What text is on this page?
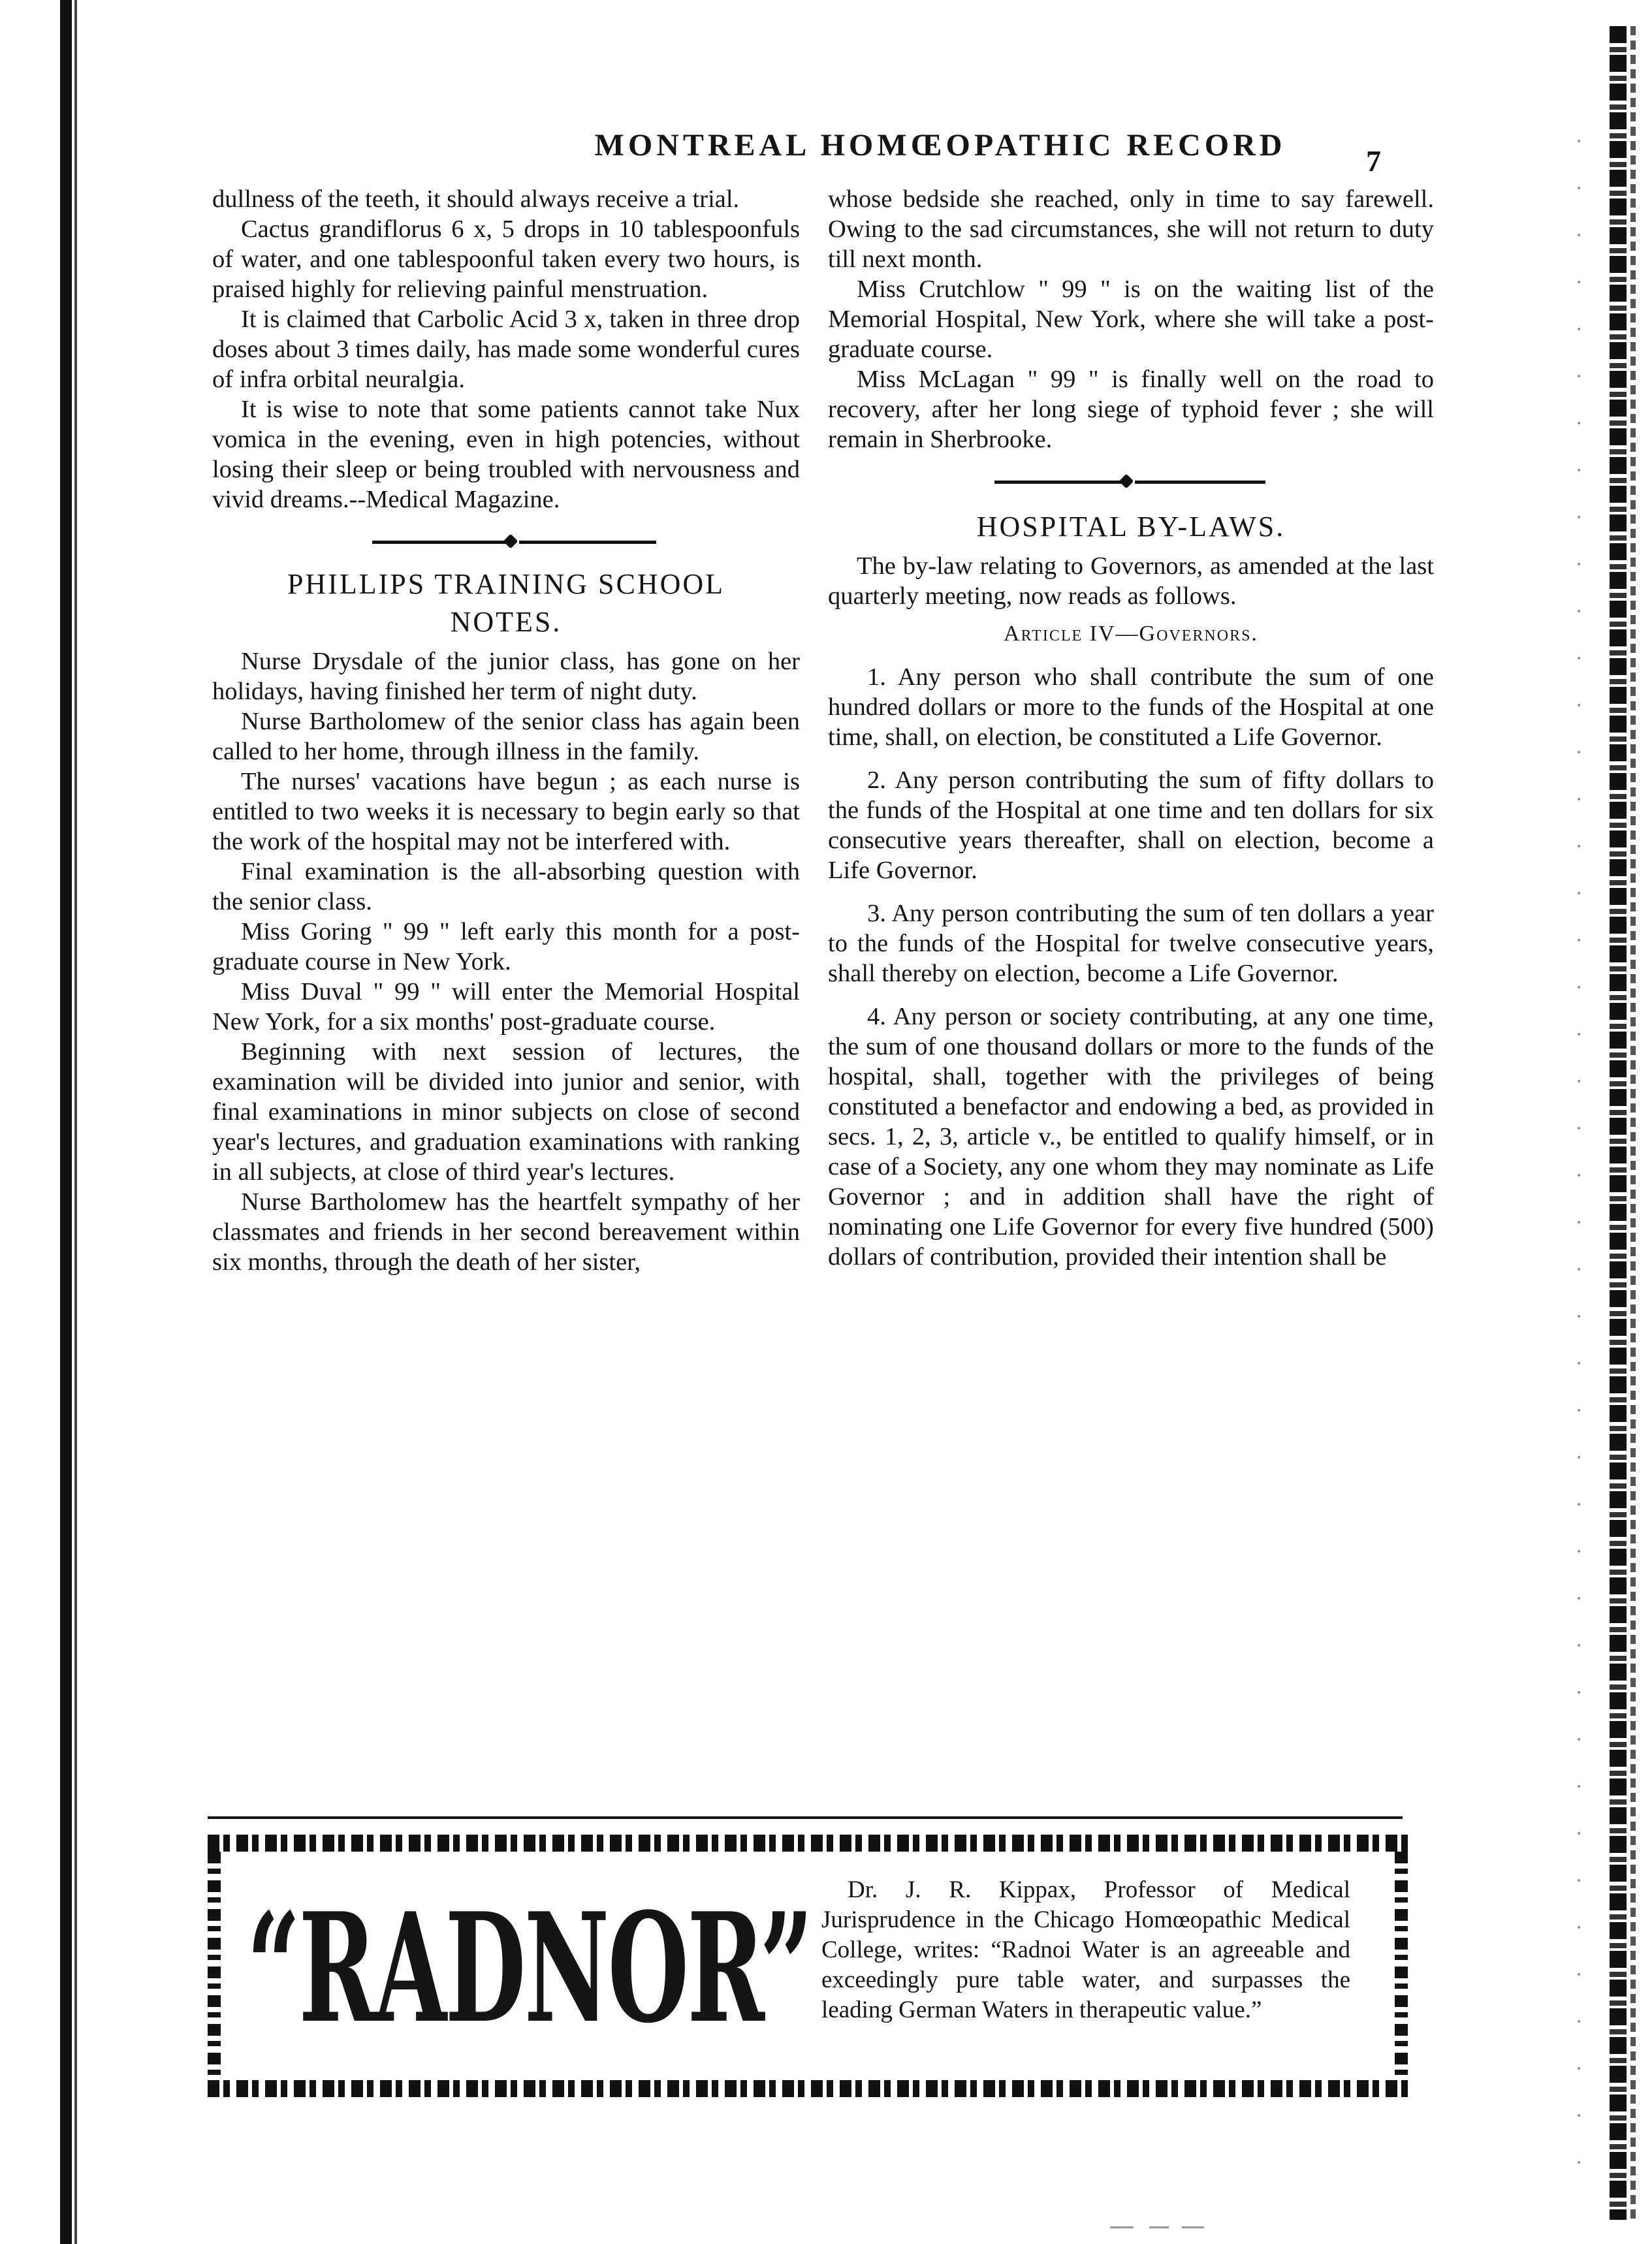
MONTREAL HOMŒOPATHIC RECORD	7

dullness of the teeth, it should always receive a trial.

Cactus grandiflorus 6 x, 5 drops in 10 tablespoonfuls of water, and one tablespoonful taken every two hours, is praised highly for relieving painful menstruation.

It is claimed that Carbolic Acid 3 x, taken in three drop doses about 3 times daily, has made some wonderful cures of infra orbital neuralgia.

It is wise to note that some patients cannot take Nux vomica in the evening, even in high potencies, without losing their sleep or being troubled with nervousness and vivid dreams.--Medical Magazine.

PHILLIPS TRAINING SCHOOL
NOTES.

Nurse Drysdale of the junior class, has gone on her holidays, having finished her term of night duty.

Nurse Bartholomew of the senior class has again been called to her home, through illness in the family.

The nurses' vacations have begun ; as each nurse is entitled to two weeks it is necessary to begin early so that the work of the hospital may not be interfered with.

Final examination is the all-absorbing question with the senior class.

Miss Goring " 99 " left early this month for a post-graduate course in New York.

Miss Duval " 99 " will enter the Memorial Hospital New York, for a six months' post-graduate course.

Beginning with next session of lectures, the examination will be divided into junior and senior, with final examinations in minor subjects on close of second year's lectures, and graduation examinations with ranking in all subjects, at close of third year's lectures.

Nurse Bartholomew has the heartfelt sympathy of her classmates and friends in her second bereavement within six months, through the death of her sister,

whose bedside she reached, only in time to say farewell. Owing to the sad circumstances, she will not return to duty till next month.

Miss Crutchlow " 99 " is on the waiting list of the Memorial Hospital, New York, where she will take a post-graduate course.

Miss McLagan " 99 " is finally well on the road to recovery, after her long siege of typhoid fever ; she will remain in Sherbrooke.

HOSPITAL BY-LAWS.

The by-law relating to Governors, as amended at the last quarterly meeting, now reads as follows.

Article IV—Governors.

1. Any person who shall contribute the sum of one hundred dollars or more to the funds of the Hospital at one time, shall, on election, be constituted a Life Governor.

2. Any person contributing the sum of fifty dollars to the funds of the Hospital at one time and ten dollars for six consecutive years thereafter, shall on election, become a Life Governor.

3. Any person contributing the sum of ten dollars a year to the funds of the Hospital for twelve consecutive years, shall thereby on election, become a Life Governor.

4. Any person or society contributing, at any one time, the sum of one thousand dollars or more to the funds of the hospital, shall, together with the privileges of being constituted a benefactor and endowing a bed, as provided in secs. 1, 2, 3, article v., be entitled to qualify himself, or in case of a Society, any one whom they may nominate as Life Governor ; and in addition shall have the right of nominating one Life Governor for every five hundred (500) dollars of contribution, provided their intention shall be

“RADNOR”	Dr. J. R. Kippax, Professor of Medical Jurisprudence in the Chicago Homœopathic Medical College, writes: “Radnoi Water is an agreeable and exceedingly pure table water, and surpasses the leading German Waters in therapeutic value.”
